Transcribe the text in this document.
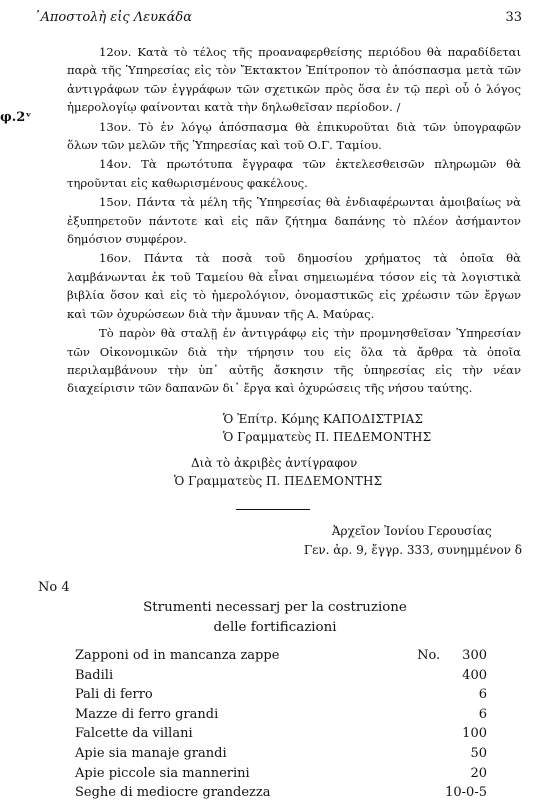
᾿Αποστολὴ εἰς Λευκάδα	33
φ.2ᵛ

12ον. Κατὰ τὸ τέλος τῆς προαναφερθείσης περιόδου θὰ παραδίδεται παρὰ τῆς Ὑπηρεσίας εἰς τὸν Ἔκτακτον Ἐπίτροπον τὸ ἀπόσπασμα μετὰ τῶν ἀντιγράφων τῶν ἐγγράφων τῶν σχετικῶν πρὸς ὅσα ἐν τῷ περὶ οὗ ὁ λόγος ἡμερολογίῳ φαίνονται κατὰ τὴν δηλωθεῖσαν περίοδον. /

13ον. Τὸ ἐν λόγῳ ἀπόσπασμα θὰ ἐπικυροῦται διὰ τῶν ὑπογραφῶν ὅλων τῶν μελῶν τῆς Ὑπηρεσίας καὶ τοῦ Ο.Γ. Ταμίου.

14ον. Τὰ πρωτότυπα ἔγγραφα τῶν ἐκτελεσθεισῶν πληρωμῶν θὰ τηροῦνται εἰς καθωρισμένους φακέλους.

15ον. Πάντα τὰ μέλη τῆς Ὑπηρεσίας θὰ ἐνδιαφέρωνται ἀμοιβαίως νὰ ἐξυπηρετοῦν πάντοτε καὶ εἰς πᾶν ζήτημα δαπάνης τὸ πλέον ἀσήμαντον δημόσιον συμφέρον.

16ον. Πάντα τὰ ποσὰ τοῦ δημοσίου χρήματος τὰ ὁποῖα θὰ λαμβάνωνται ἐκ τοῦ Ταμείου θὰ εἶναι σημειωμένα τόσον εἰς τὰ λογιστικὰ βιβλία ὅσον καὶ εἰς τὸ ἡμερολόγιον, ὀνομαστικῶς εἰς χρέωσιν τῶν ἔργων καὶ τῶν ὀχυρώσεων διὰ τὴν ἄμυναν τῆς Α. Μαύρας.

Τὸ παρὸν θὰ σταλῇ ἐν ἀντιγράφῳ εἰς τὴν προμνησθεῖσαν Ὑπηρεσίαν τῶν Οἰκονομικῶν διὰ τὴν τήρησιν του εἰς ὅλα τὰ ἄρθρα τὰ ὁποῖα περιλαμβάνουν τὴν ὑπ᾿ αὐτῆς ἄσκησιν τῆς ὑπηρεσίας εἰς τὴν νέαν διαχείρισιν τῶν δαπανῶν δι᾿ ἔργα καὶ ὀχυρώσεις τῆς νήσου ταύτης.

Ὁ Ἐπίτρ. Κόμης ΚΑΠΟΔΙΣΤΡΙΑΣ
Ὁ Γραμματεὺς Π. ΠΕΔΕΜΟΝΤΗΣ
Διὰ τὸ ἀκριβὲς ἀντίγραφον
Ὁ Γραμματεὺς Π. ΠΕΔΕΜΟΝΤΗΣ
Ἀρχεῖον Ἰονίου Γερουσίας
Γεν. ἀρ. 9, ἔγγρ. 333, συνημμένον δ
No 4
Strumenti necessarj per la costruzione
delle fortificazioni
Zapponi od in mancanza zappe	No. 300
Badili	400
Pali di ferro	6
Mazze di ferro grandi	6
Falcette da villani	100
Apie sia manaje grandi	50
Apie piccole sia mannerini	20
Seghe di mediocre grandezza	10-0-5
